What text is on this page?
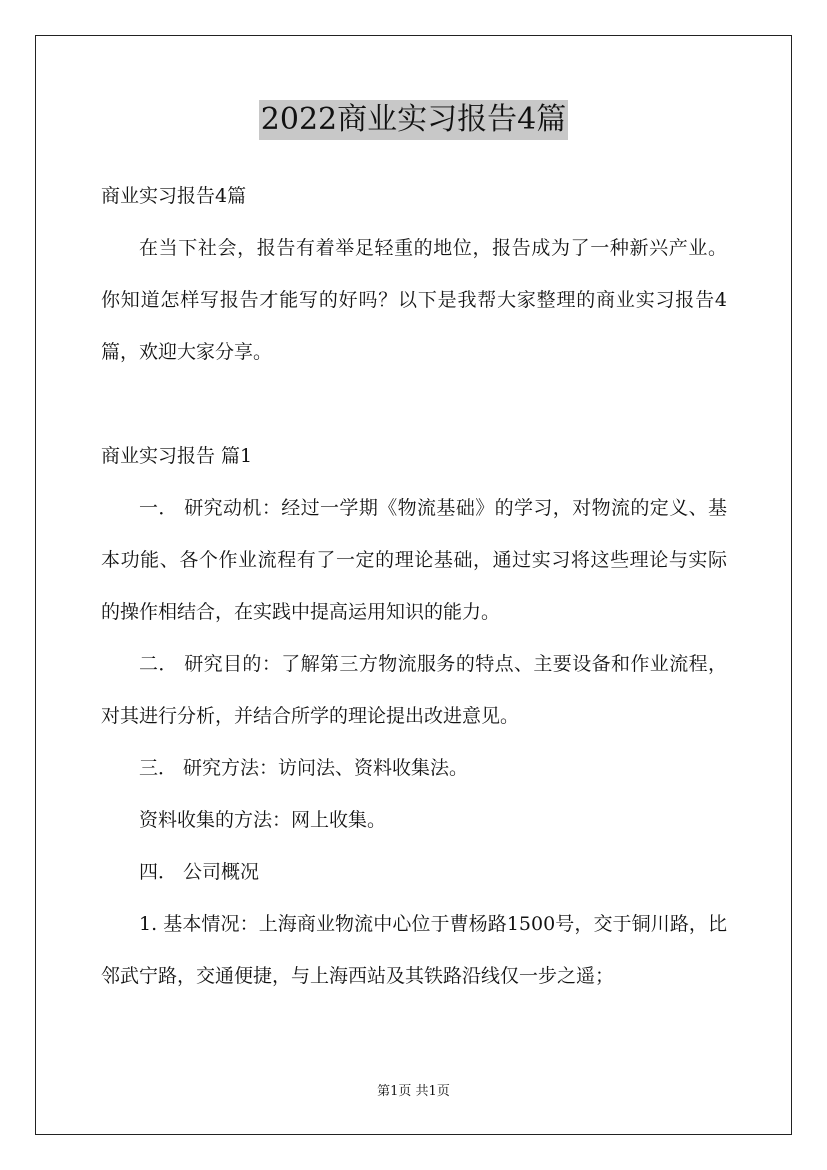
2022商业实习报告4篇

商业实习报告4篇

在当下社会，报告有着举足轻重的地位，报告成为了一种新兴产业。你知道怎样写报告才能写的好吗？以下是我帮大家整理的商业实习报告4篇，欢迎大家分享。

商业实习报告 篇1

一． 研究动机：经过一学期《物流基础》的学习，对物流的定义、基本功能、各个作业流程有了一定的理论基础，通过实习将这些理论与实际的操作相结合，在实践中提高运用知识的能力。

二． 研究目的：了解第三方物流服务的特点、主要设备和作业流程，对其进行分析，并结合所学的理论提出改进意见。

三． 研究方法：访问法、资料收集法。

资料收集的方法：网上收集。

四． 公司概况

1. 基本情况：上海商业物流中心位于曹杨路1500号，交于铜川路，比邻武宁路，交通便捷，与上海西站及其铁路沿线仅一步之遥；

第1页 共1页
